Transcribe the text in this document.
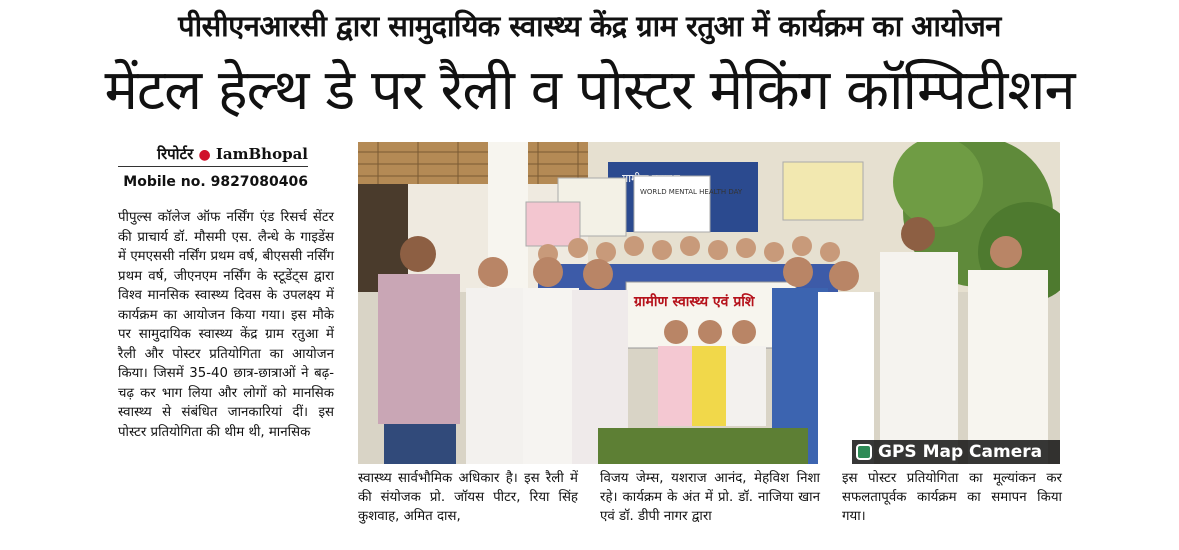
पीसीएनआरसी द्वारा सामुदायिक स्वास्थ्य केंद्र ग्राम रतुआ में कार्यक्रम का आयोजन
मेंटल हेल्थ डे पर रैली व पोस्टर मेकिंग कॉम्पिटीशन
रिपोर्टर ● IamBhopal
Mobile no. 9827080406
पीपुल्स कॉलेज ऑफ नर्सिंग एंड रिसर्च सेंटर की प्राचार्य डॉ. मौसमी एस. लैन्धे के गाइडेंस में एमएससी नर्सिंग प्रथम वर्ष, बीएससी नर्सिंग प्रथम वर्ष, जीएनएम नर्सिंग के स्टूडेंट्स द्वारा विश्व मानसिक स्वास्थ्य दिवस के उपलक्ष्य में कार्यक्रम का आयोजन किया गया। इस मौके पर सामुदायिक स्वास्थ्य केंद्र ग्राम रतुआ में रैली और पोस्टर प्रतियोगिता का आयोजन किया। जिसमें 35-40 छात्र-छात्राओं ने बढ़-चढ़ कर भाग लिया और लोगों को मानसिक स्वास्थ्य से संबंधित जानकारियां दीं। इस पोस्टर प्रतियोगिता की थीम थी, मानसिक
WORLD MENTAL HEALTH DAY
ग्रामीण स्वास्थ्य एवं प्रशि
GPS Map Camera
स्वास्थ्य सार्वभौमिक अधिकार है। इस रैली में की संयोजक प्रो. जॉयस पीटर, रिया सिंह कुशवाह, अमित दास,
विजय जेम्स, यशराज आनंद, मेहविश निशा रहे। कार्यक्रम के अंत में प्रो. डॉ. नाजिया खान एवं डॉ. डीपी नागर द्वारा
इस पोस्टर प्रतियोगिता का मूल्यांकन कर सफलतापूर्वक कार्यक्रम का समापन किया गया।
